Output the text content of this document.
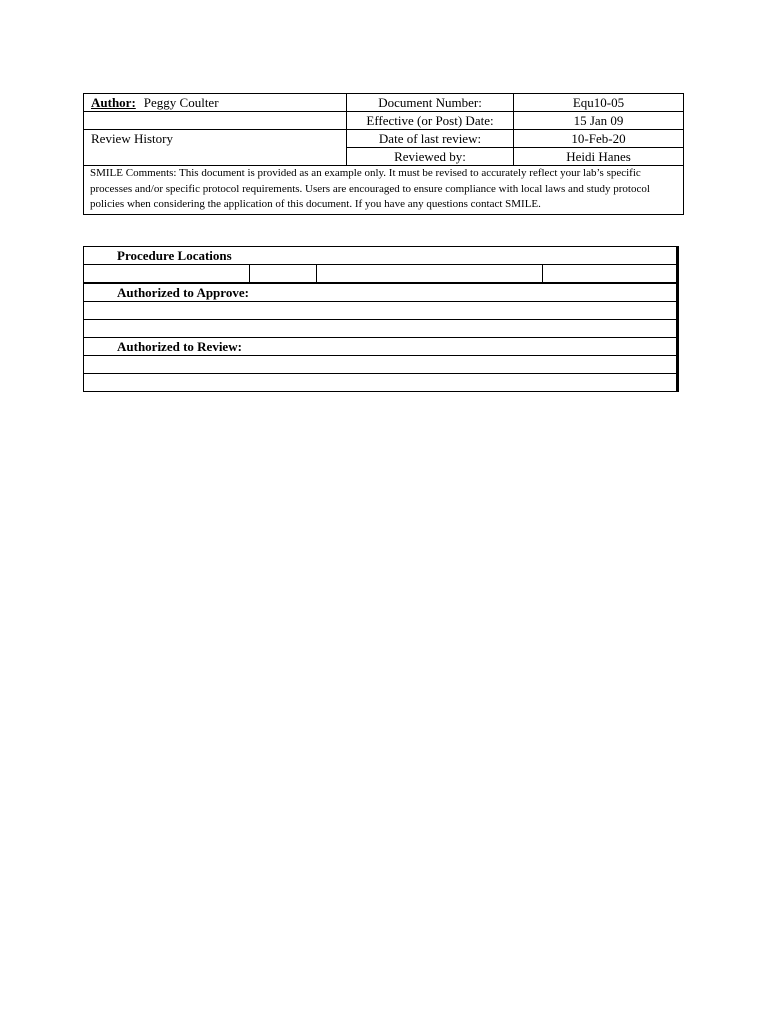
Author: Peggy Coulter	Document Number:	Equ10-05
	Effective (or Post) Date:	15 Jan 09
Review History	Date of last review:	10-Feb-20
	Reviewed by:	Heidi Hanes
SMILE Comments: This document is provided as an example only. It must be revised to accurately reflect your lab’s specific processes and/or specific protocol requirements. Users are encouraged to ensure compliance with local laws and study protocol policies when considering the application of this document. If you have any questions contact SMILE.		
Procedure Locations

Authorized to Approve:

Authorized to Review:
